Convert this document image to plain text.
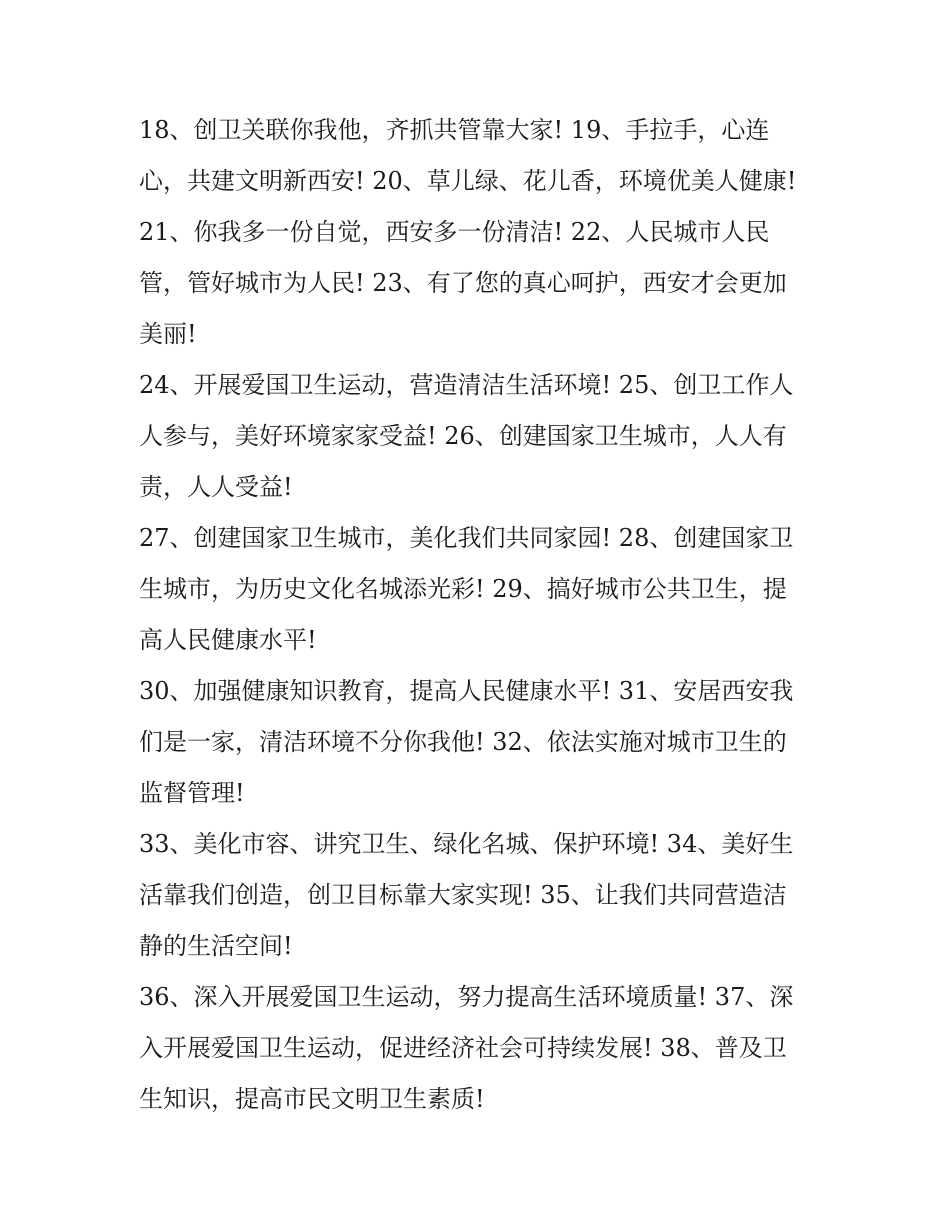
18、创卫关联你我他，齐抓共管靠大家! 19、手拉手，心连

心，共建文明新西安! 20、草儿绿、花儿香，环境优美人健康!

21、你我多一份自觉，西安多一份清洁! 22、人民城市人民

管，管好城市为人民! 23、有了您的真心呵护，西安才会更加

美丽!

24、开展爱国卫生运动，营造清洁生活环境! 25、创卫工作人

人参与，美好环境家家受益! 26、创建国家卫生城市，人人有

责，人人受益!

27、创建国家卫生城市，美化我们共同家园! 28、创建国家卫

生城市，为历史文化名城添光彩! 29、搞好城市公共卫生，提

高人民健康水平!

30、加强健康知识教育，提高人民健康水平! 31、安居西安我

们是一家，清洁环境不分你我他! 32、依法实施对城市卫生的

监督管理!

33、美化市容、讲究卫生、绿化名城、保护环境! 34、美好生

活靠我们创造，创卫目标靠大家实现! 35、让我们共同营造洁

静的生活空间!

36、深入开展爱国卫生运动，努力提高生活环境质量! 37、深

入开展爱国卫生运动，促进经济社会可持续发展! 38、普及卫

生知识，提高市民文明卫生素质!
